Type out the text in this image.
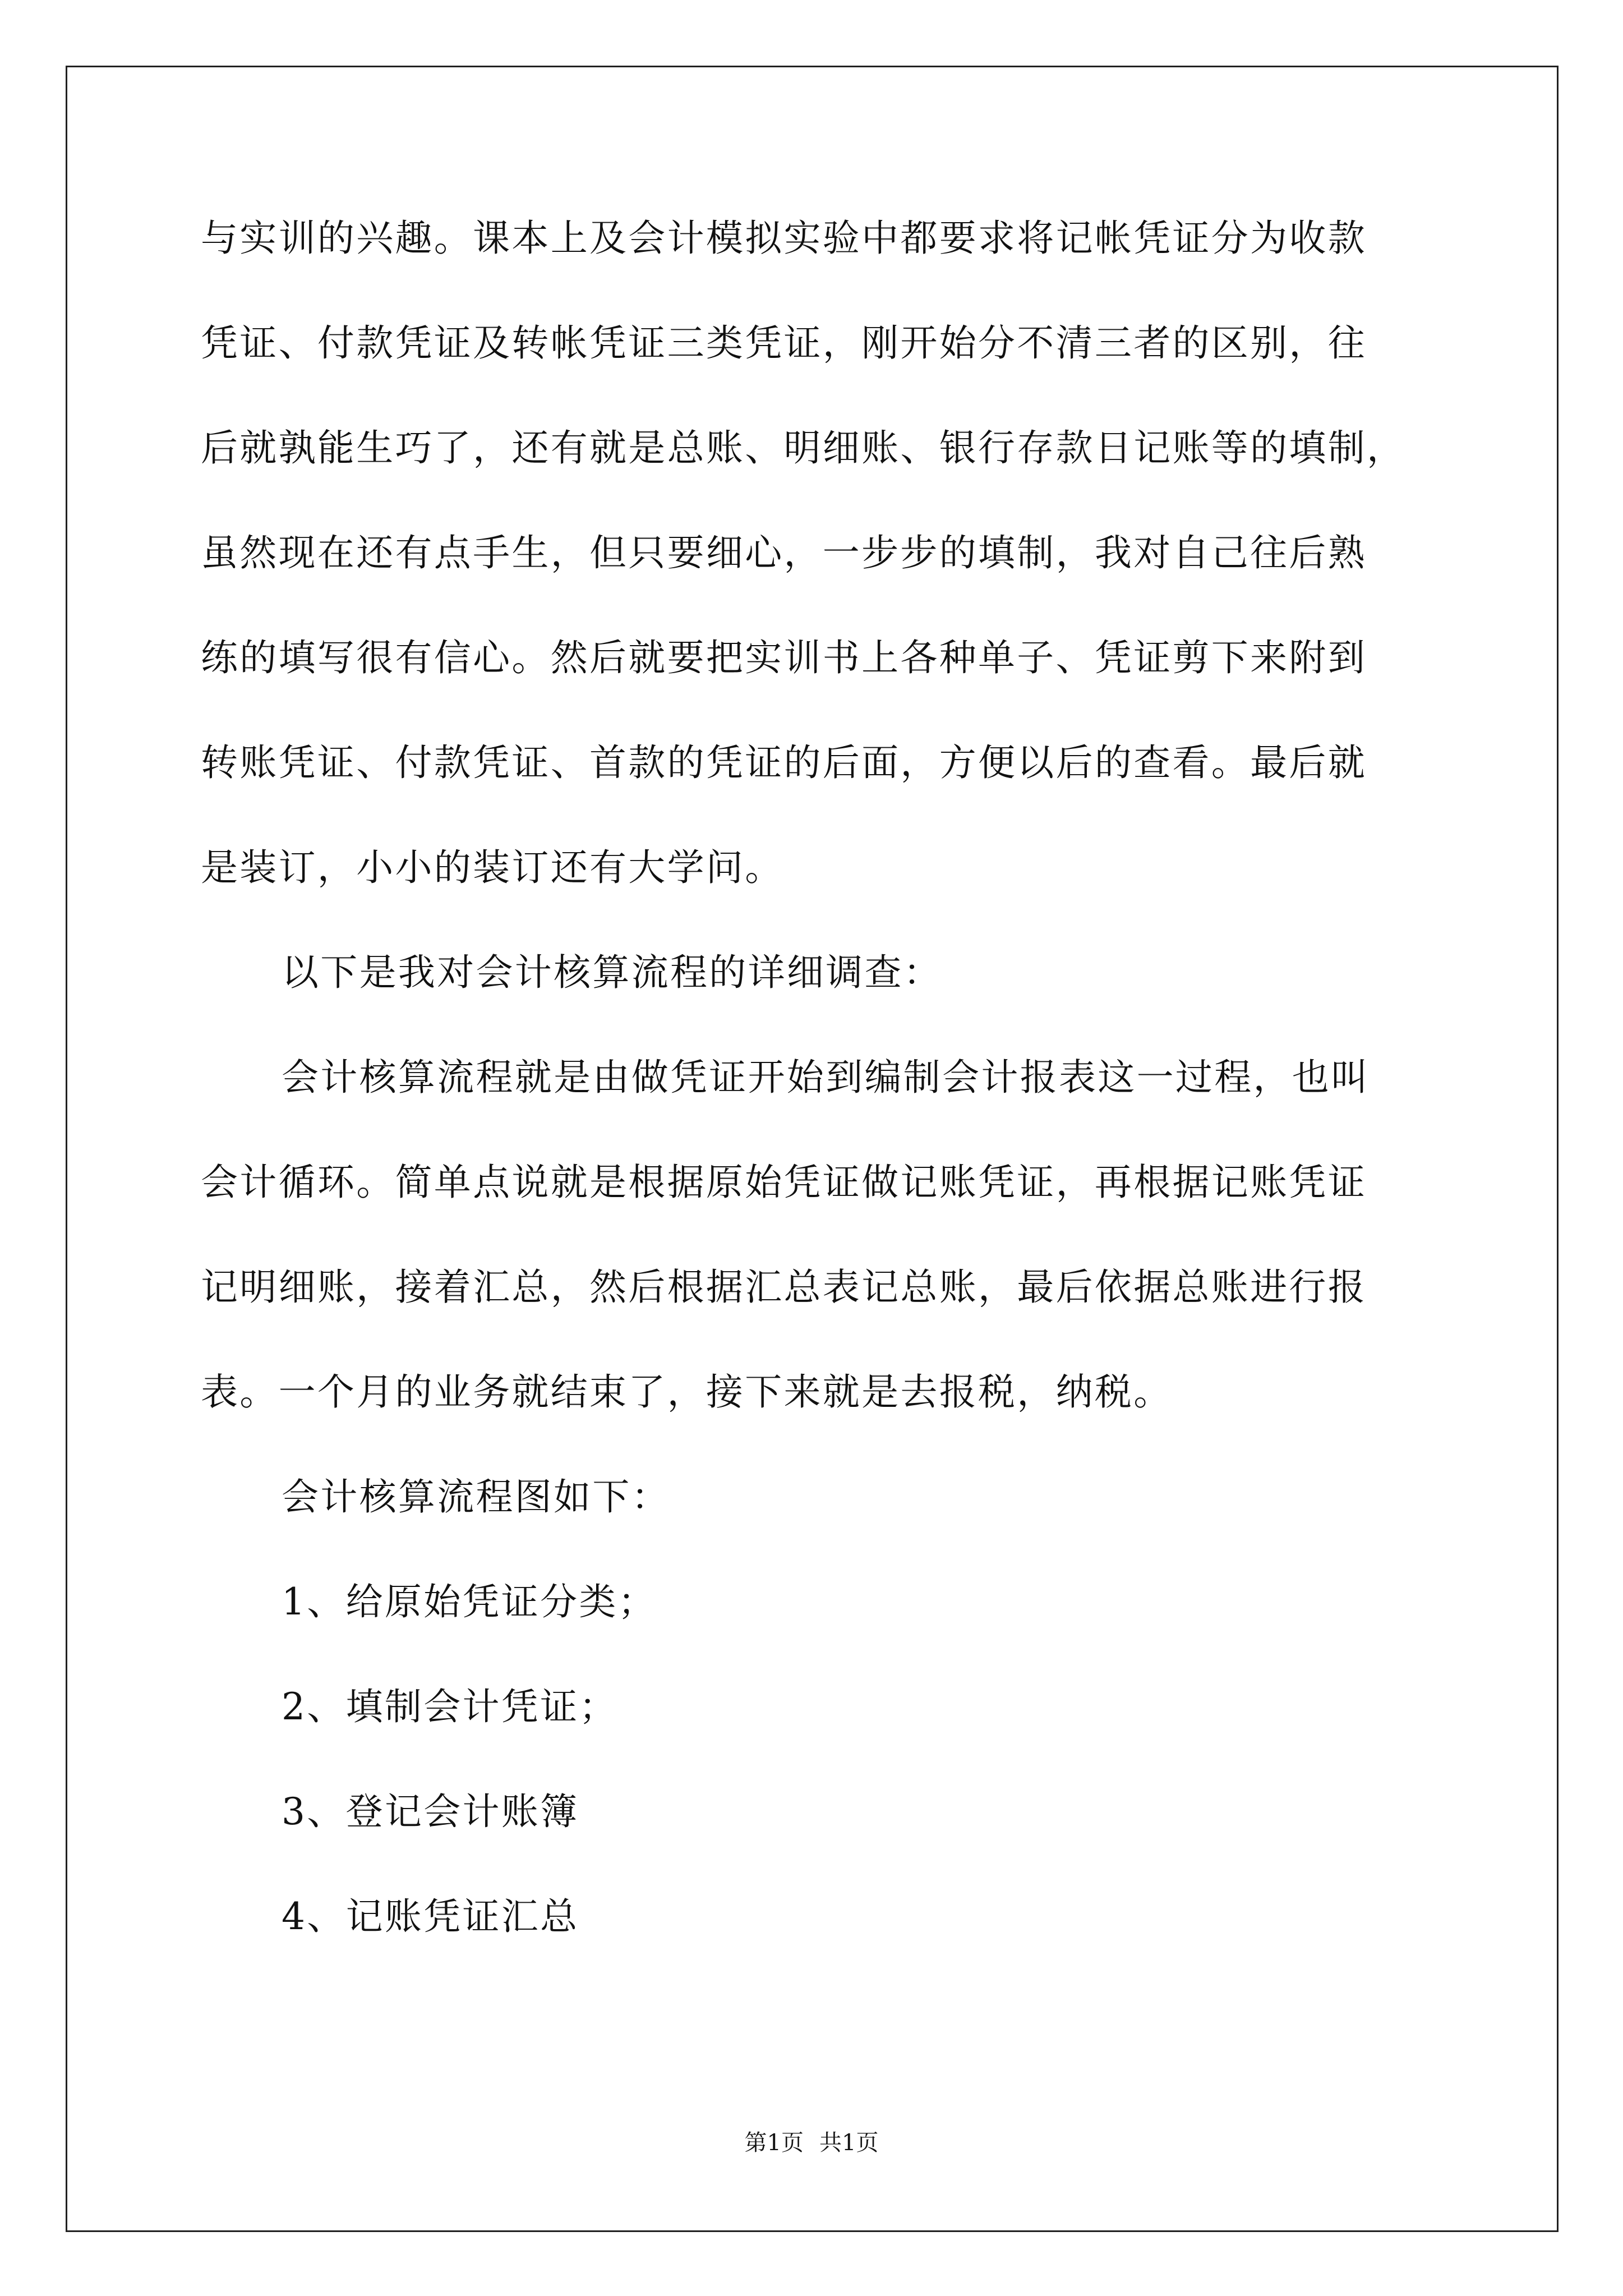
与实训的兴趣。课本上及会计模拟实验中都要求将记帐凭证分为收款
凭证、付款凭证及转帐凭证三类凭证，刚开始分不清三者的区别，往
后就孰能生巧了，还有就是总账、明细账、银行存款日记账等的填制，
虽然现在还有点手生，但只要细心，一步步的填制，我对自己往后熟
练的填写很有信心。然后就要把实训书上各种单子、凭证剪下来附到
转账凭证、付款凭证、首款的凭证的后面，方便以后的查看。最后就
是装订，小小的装订还有大学问。
以下是我对会计核算流程的详细调查：
会计核算流程就是由做凭证开始到编制会计报表这一过程，也叫
会计循环。简单点说就是根据原始凭证做记账凭证，再根据记账凭证
记明细账，接着汇总，然后根据汇总表记总账，最后依据总账进行报
表。一个月的业务就结束了，接下来就是去报税，纳税。
会计核算流程图如下：
1、给原始凭证分类；
2、填制会计凭证；
3、登记会计账簿
4、记账凭证汇总
第1页 共1页
